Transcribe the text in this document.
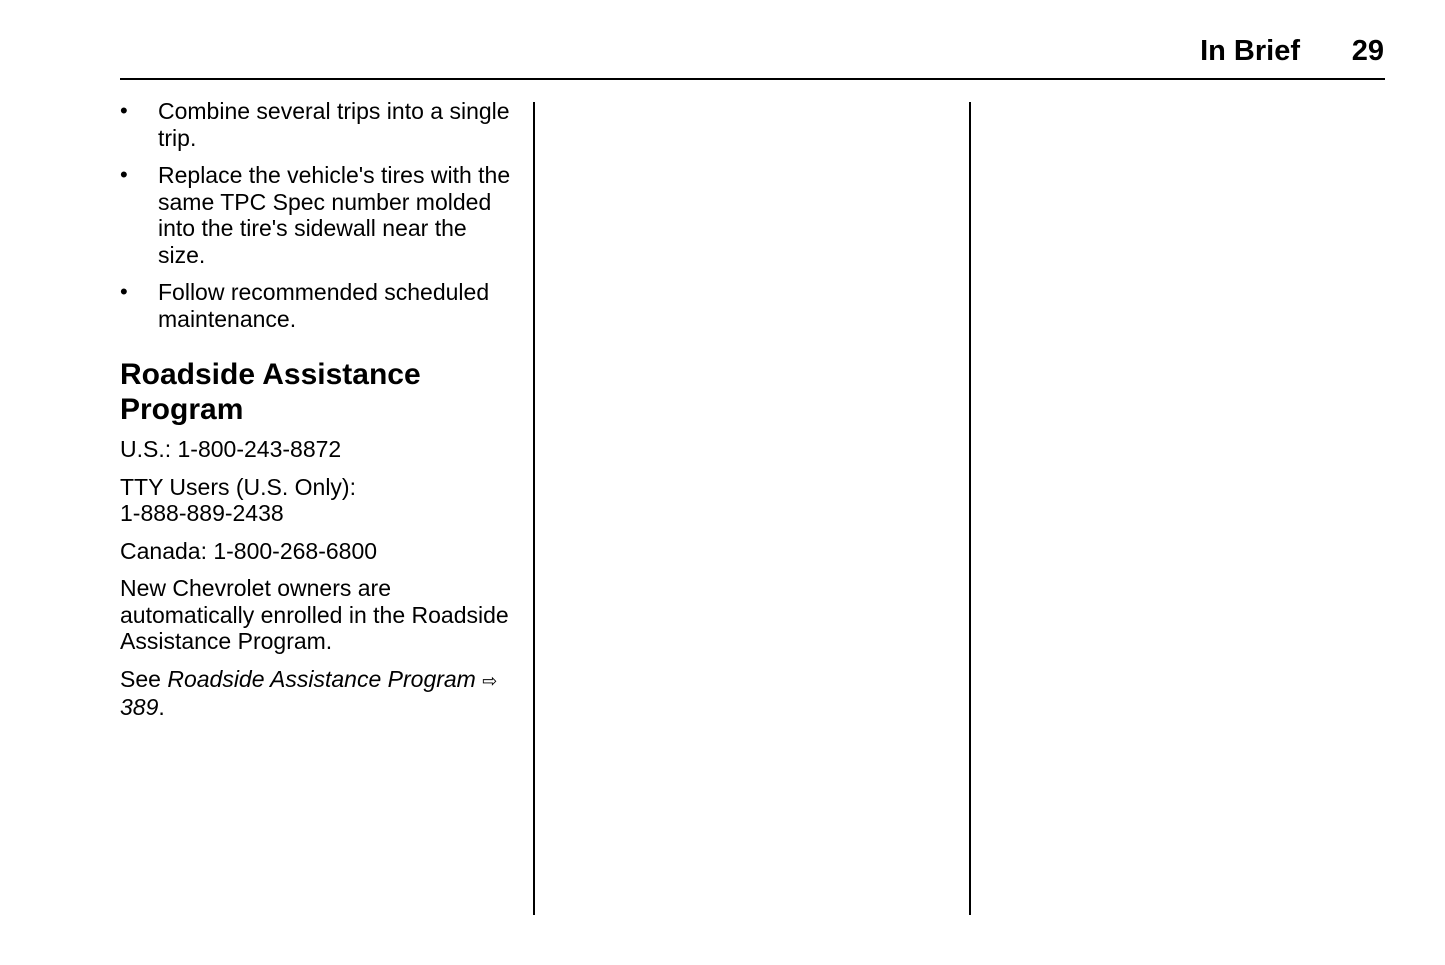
In Brief 29
• Combine several trips into a single trip.
• Replace the vehicle's tires with the same TPC Spec number molded into the tire's sidewall near the size.
• Follow recommended scheduled maintenance.
Roadside Assistance Program

U.S.: 1-800-243-8872

TTY Users (U.S. Only):
1-888-889-2438

Canada: 1-800-268-6800

New Chevrolet owners are automatically enrolled in the Roadside Assistance Program.

See Roadside Assistance Program ⇨ 389.
